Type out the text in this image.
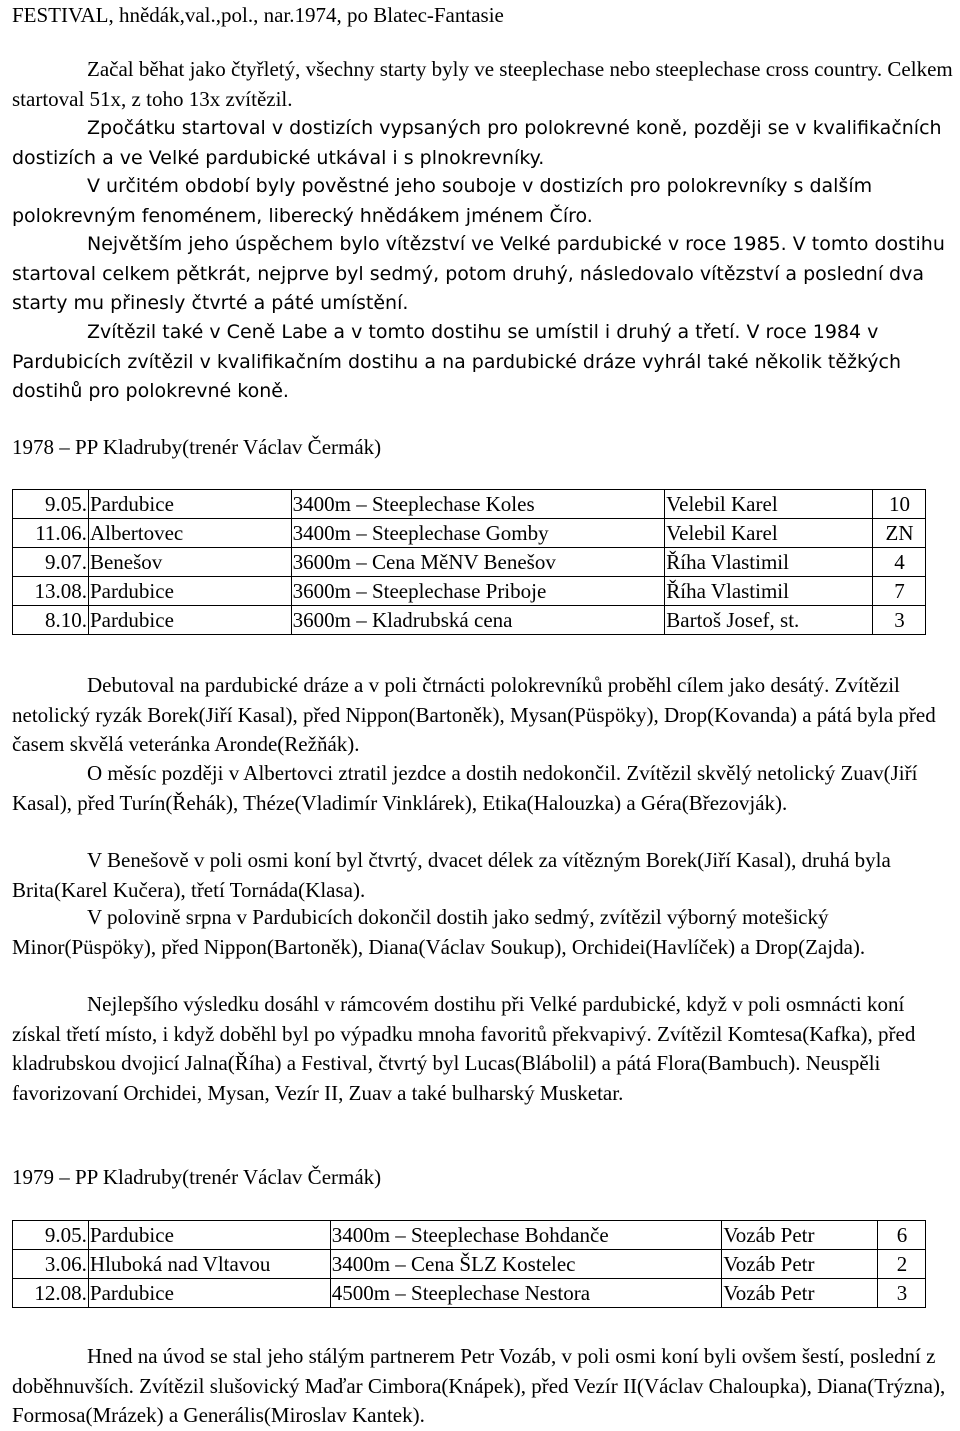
FESTIVAL, hnědák,val.,pol., nar.1974, po Blatec-Fantasie

Začal běhat jako čtyřletý, všechny starty byly ve steeplechase nebo steeplechase cross country. Celkem startoval 51x, z toho 13x zvítězil.

Zpočátku startoval v dostizích vypsaných pro polokrevné koně, později se v kvalifikačních dostizích a ve Velké pardubické utkával i s plnokrevníky.

V určitém období byly pověstné jeho souboje v dostizích pro polokrevníky s dalším polokrevným fenoménem, liberecký hnědákem jménem Číro.

Největším jeho úspěchem bylo vítězství ve Velké pardubické v roce 1985. V tomto dostihu startoval celkem pětkrát, nejprve byl sedmý, potom druhý, následovalo vítězství a poslední dva starty mu přinesly čtvrté a páté umístění.

Zvítězil také v Ceně Labe a v tomto dostihu se umístil i druhý a třetí. V roce 1984 v Pardubicích zvítězil v kvalifikačním dostihu a na pardubické dráze vyhrál také několik těžkých dostihů pro polokrevné koně.

1978 – PP Kladruby(trenér Václav Čermák)
9.05.	Pardubice	3400m – Steeplechase Koles	Velebil Karel	10
11.06.	Albertovec	3400m – Steeplechase Gomby	Velebil Karel	ZN
9.07.	Benešov	3600m – Cena MěNV Benešov	Říha Vlastimil	4
13.08.	Pardubice	3600m – Steeplechase Priboje	Říha Vlastimil	7
8.10.	Pardubice	3600m – Kladrubská cena	Bartoš Josef, st.	3

Debutoval na pardubické dráze a v poli čtrnácti polokrevníků proběhl cílem jako desátý. Zvítězil netolický ryzák Borek(Jiří Kasal), před Nippon(Bartoněk), Mysan(Püspöky), Drop(Kovanda) a pátá byla před časem skvělá veteránka Aronde(Režňák).

O měsíc později v Albertovci ztratil jezdce a dostih nedokončil. Zvítězil skvělý netolický Zuav(Jiří Kasal), před Turín(Řehák), Théze(Vladimír Vinklárek), Etika(Halouzka) a Géra(Březovják).

V Benešově v poli osmi koní byl čtvrtý, dvacet délek za vítězným Borek(Jiří Kasal), druhá byla Brita(Karel Kučera), třetí Tornáda(Klasa).

V polovině srpna v Pardubicích dokončil dostih jako sedmý, zvítězil výborný motešický Minor(Püspöky), před Nippon(Bartoněk), Diana(Václav Soukup), Orchidei(Havlíček) a Drop(Zajda).

Nejlepšího výsledku dosáhl v rámcovém dostihu při Velké pardubické, když v poli osmnácti koní získal třetí místo, i když doběhl byl po výpadku mnoha favoritů překvapivý. Zvítězil Komtesa(Kafka), před kladrubskou dvojicí Jalna(Říha) a Festival, čtvrtý byl Lucas(Blábolil) a pátá Flora(Bambuch). Neuspěli favorizovaní Orchidei, Mysan, Vezír II, Zuav a také bulharský Musketar.

1979 – PP Kladruby(trenér Václav Čermák)
9.05.	Pardubice	3400m – Steeplechase Bohdanče	Vozáb Petr	6
3.06.	Hluboká nad Vltavou	3400m – Cena ŠLZ Kostelec	Vozáb Petr	2
12.08.	Pardubice	4500m – Steeplechase Nestora	Vozáb Petr	3

Hned na úvod se stal jeho stálým partnerem Petr Vozáb, v poli osmi koní byli ovšem šestí, poslední z doběhnuvších. Zvítězil slušovický Maďar Cimbora(Knápek), před Vezír II(Václav Chaloupka), Diana(Trýzna), Formosa(Mrázek) a Generális(Miroslav Kantek).
